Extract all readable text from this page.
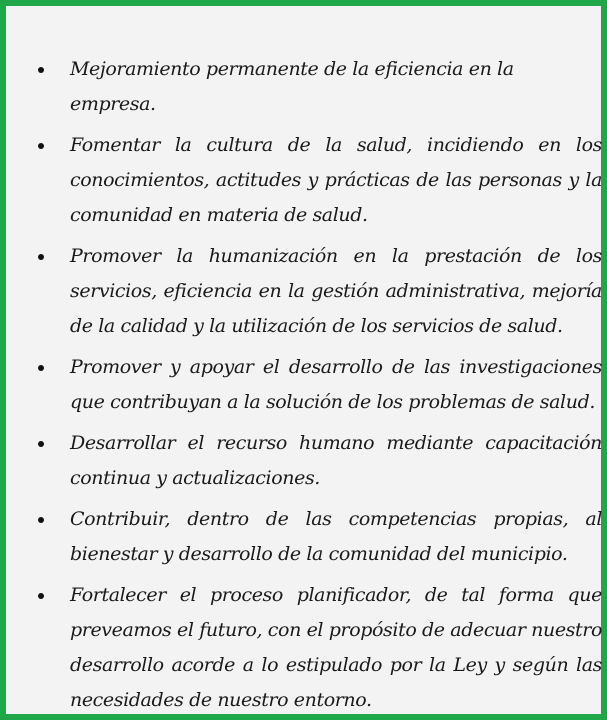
Mejoramiento permanente de la eficiencia en la empresa.
Fomentar la cultura de la salud, incidiendo en los conocimientos, actitudes y prácticas de las personas y la comunidad en materia de salud.
Promover la humanización en la prestación de los servicios, eficiencia en la gestión administrativa, mejoría de la calidad y la utilización de los servicios de salud.
Promover y apoyar el desarrollo de las investigaciones que contribuyan a la solución de los problemas de salud.
Desarrollar el recurso humano mediante capacitación continua y actualizaciones.
Contribuir, dentro de las competencias propias, al bienestar y desarrollo de la comunidad del municipio.
Fortalecer el proceso planificador, de tal forma que preveamos el futuro, con el propósito de adecuar nuestro desarrollo acorde a lo estipulado por la Ley y según las necesidades de nuestro entorno.
